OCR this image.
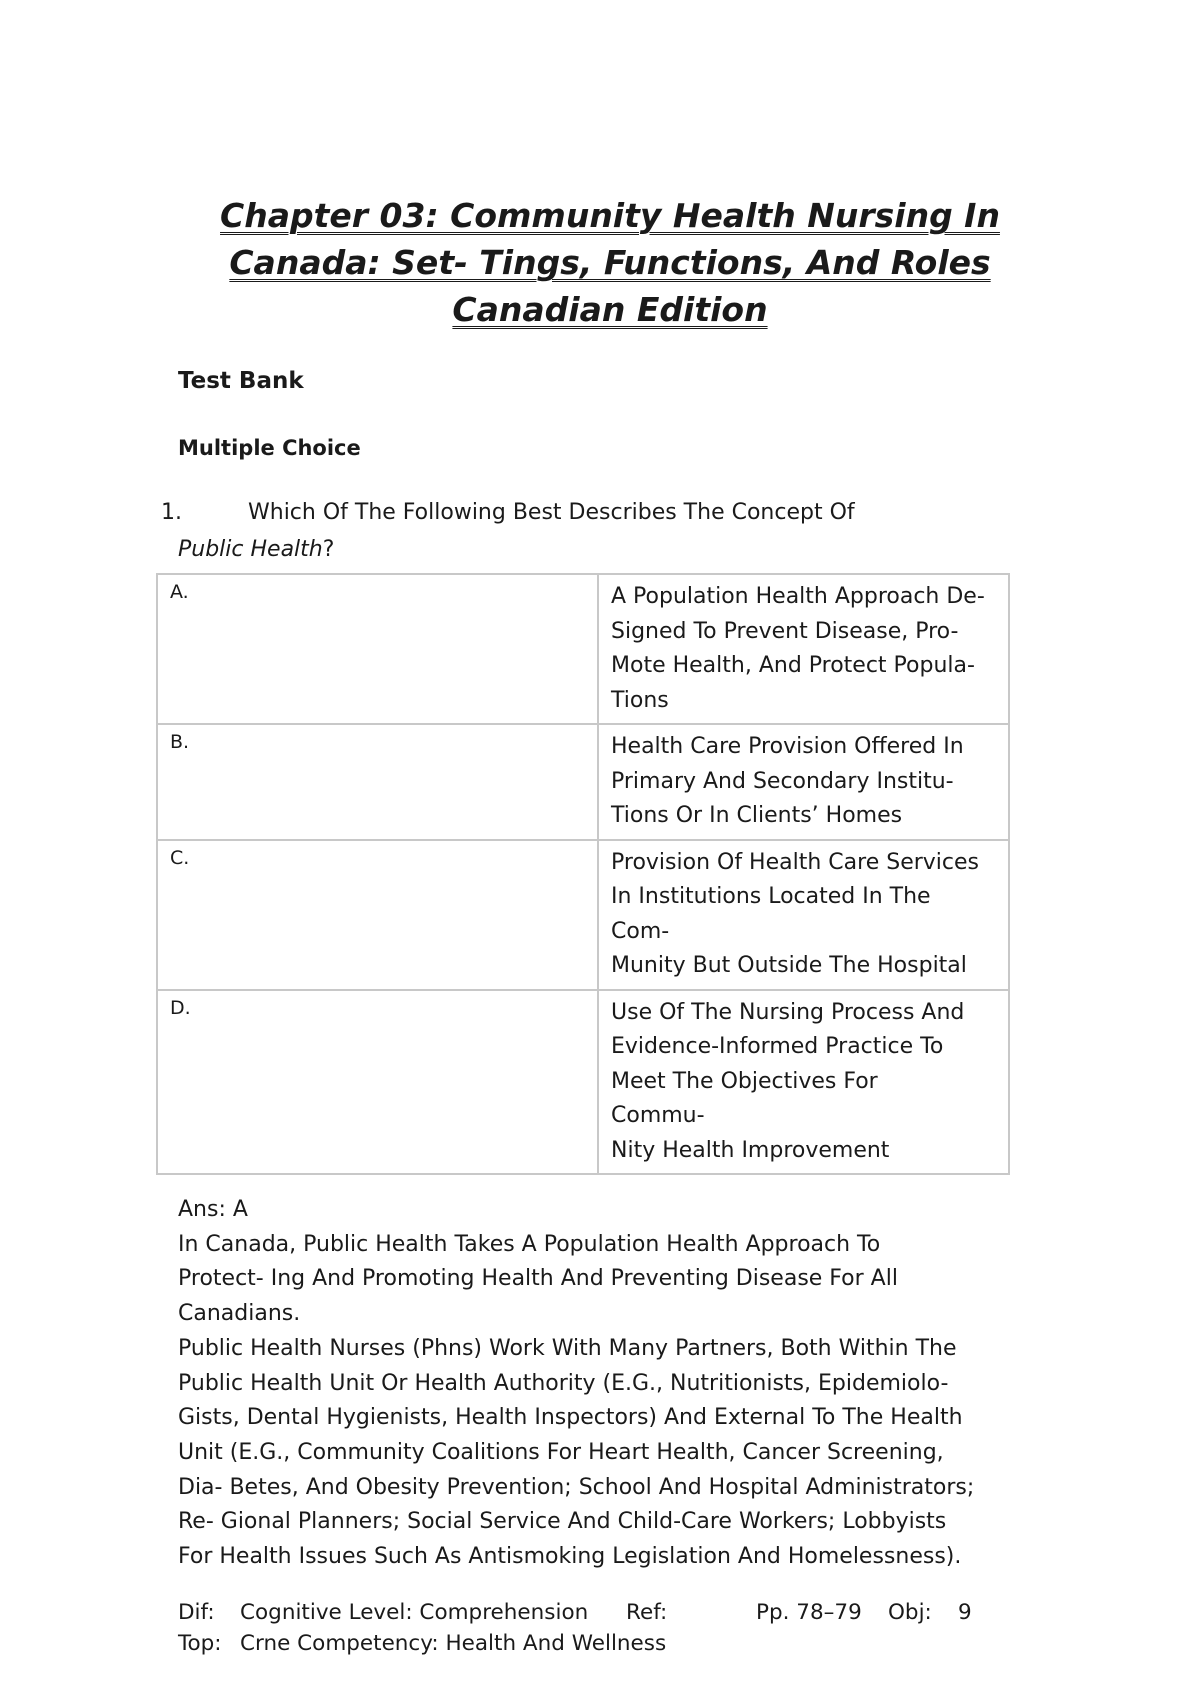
Chapter 03: Community Health Nursing In
Canada: Set- Tings, Functions, And Roles
Canadian Edition
Test Bank
Multiple Choice
1.	Which Of The Following Best Describes The Concept Of
Public Health?
A.	A Population Health Approach De-
Signed To Prevent Disease, Pro-
Mote Health, And Protect Popula-
Tions

B.	Health Care Provision Offered In
Primary And Secondary Institu-
Tions Or In Clients’ Homes

C.	Provision Of Health Care Services
In Institutions Located In The
Com-
Munity But Outside The Hospital

D.	Use Of The Nursing Process And
Evidence-Informed Practice To
Meet The Objectives For
Commu-
Nity Health Improvement
Ans: A
In Canada, Public Health Takes A Population Health Approach To
Protect- Ing And Promoting Health And Preventing Disease For All
Canadians.
Public Health Nurses (Phns) Work With Many Partners, Both Within The
Public Health Unit Or Health Authority (E.G., Nutritionists, Epidemiolo-
Gists, Dental Hygienists, Health Inspectors) And External To The Health
Unit (E.G., Community Coalitions For Heart Health, Cancer Screening,
Dia- Betes, And Obesity Prevention; School And Hospital Administrators;
Re- Gional Planners; Social Service And Child-Care Workers; Lobbyists
For Health Issues Such As Antismoking Legislation And Homelessness).
Dif: Cognitive Level: Comprehension Ref:	Pp. 78–79 Obj: 9
Top: Crne Competency: Health And Wellness
